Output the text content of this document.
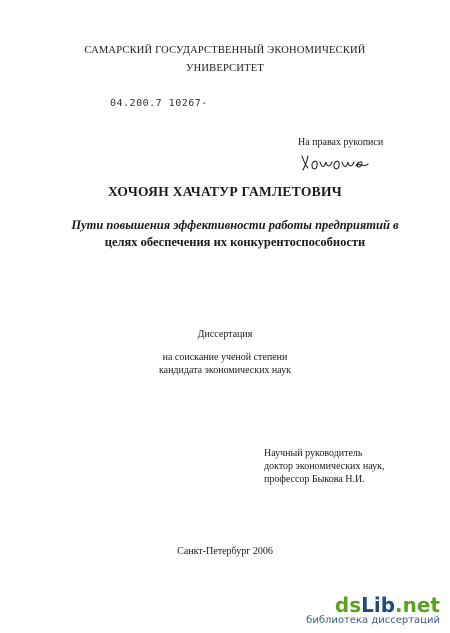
САМАРСКИЙ ГОСУДАРСТВЕННЫЙ ЭКОНОМИЧЕСКИЙ
УНИВЕРСИТЕТ
04.200.7 10267-
На правах рукописи
ХОЧОЯН ХАЧАТУР ГАМЛЕТОВИЧ
Пути повышения эффективности работы предприятий в
целях обеспечения их конкурентоспособности
Диссертация
на соискание ученой степени
кандидата экономических наук
Научный руководитель
доктор экономических наук,
профессор Быкова Н.И.
Санкт-Петербург 2006
dsLib.net
библиотека диссертаций
